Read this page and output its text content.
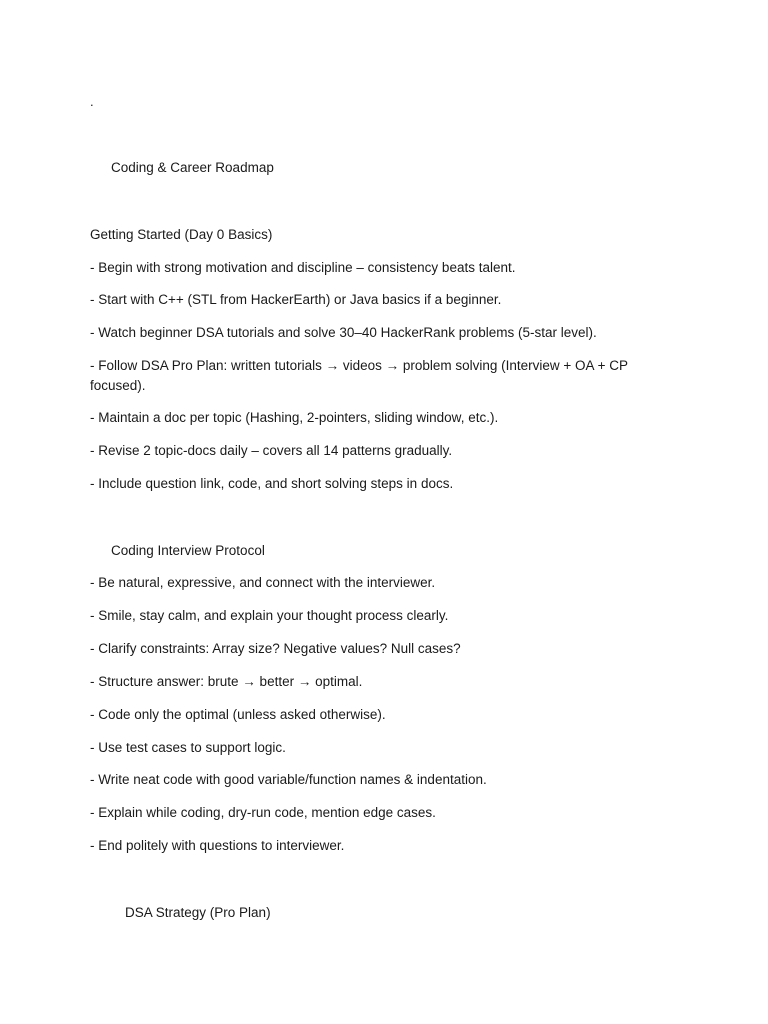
.
Coding & Career Roadmap
Getting Started (Day 0 Basics)
- Begin with strong motivation and discipline – consistency beats talent.
- Start with C++ (STL from HackerEarth) or Java basics if a beginner.
- Watch beginner DSA tutorials and solve 30–40 HackerRank problems (5-star level).
- Follow DSA Pro Plan: written tutorials → videos → problem solving (Interview + OA + CP focused).
- Maintain a doc per topic (Hashing, 2-pointers, sliding window, etc.).
- Revise 2 topic-docs daily – covers all 14 patterns gradually.
- Include question link, code, and short solving steps in docs.
Coding Interview Protocol
- Be natural, expressive, and connect with the interviewer.
- Smile, stay calm, and explain your thought process clearly.
- Clarify constraints: Array size? Negative values? Null cases?
- Structure answer: brute → better → optimal.
- Code only the optimal (unless asked otherwise).
- Use test cases to support logic.
- Write neat code with good variable/function names & indentation.
- Explain while coding, dry-run code, mention edge cases.
- End politely with questions to interviewer.
DSA Strategy (Pro Plan)
